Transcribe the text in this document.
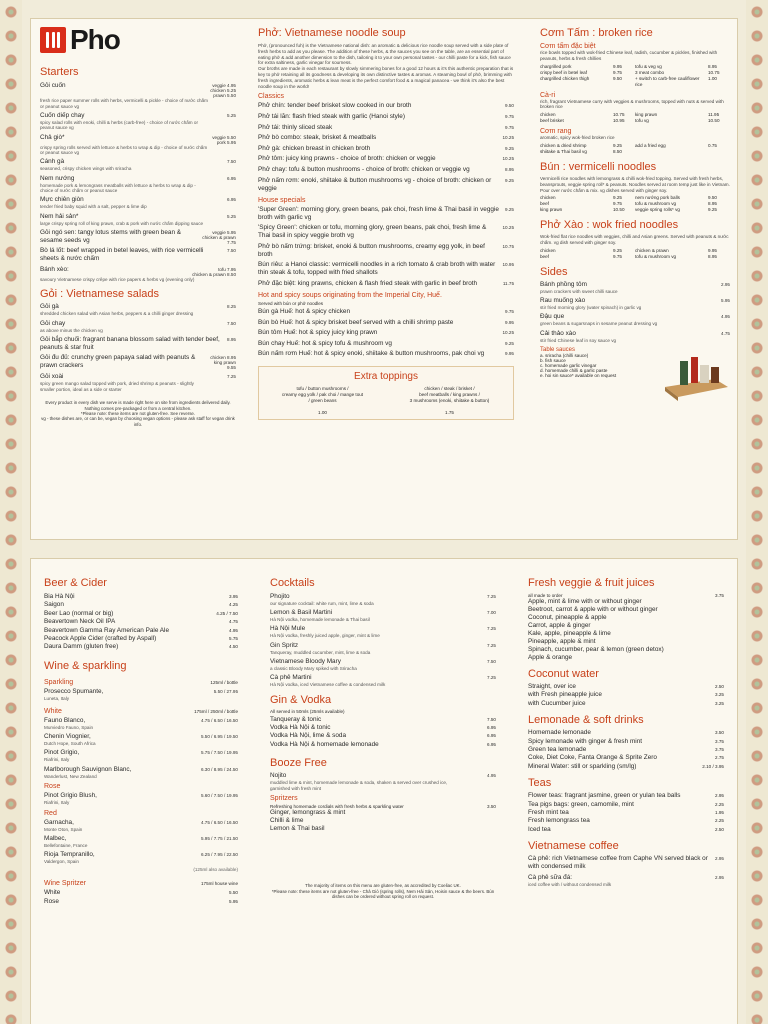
Pho
Starters
Gỏi cuốn	veggie 4.95
chicken 5.25
prawn 5.50
fresh rice paper summer rolls with herbs, vermicelli & pickle - choice of nước chấm or peanut sauce vg
Cuốn diếp chay	5.25
spicy salad rolls with enoki, chilli & herbs (carb-free) - choice of nước chấm or peanut sauce vg
Chả giò*	veggie 5.50
pork 5.95
crispy spring rolls served with lettuce & herbs to wrap & dip - choice of nước chấm or peanut sauce vg
Cánh gà	7.50
seasoned, crispy chicken wings with sriracha
Nem nướng	6.95
homemade pork & lemongrass meatballs with lettuce & herbs to wrap & dip - choice of nước chấm or peanut sauce
Mực chiên giòn	6.95
tender fried baby squid with a salt, pepper & lime dip
Nem hải sản*	5.25
large crispy spring roll of king prawn, crab & pork with nước chấm dipping sauce
Gỏi ngó sen: tangy lotus stems with green bean & sesame seeds vg
veggie 5.95
chicken & prawn 7.75
Bò lá lốt: beef wrapped in betel leaves, with rice vermicelli sheets & nước chấm
7.50
Bánh xèo:	tofu 7.95
chicken & prawn 8.50
savoury Vietnamese crispy crêpe with rice papers & herbs vg (evening only)
Gỏi : Vietnamese salads
Gỏi gà	8.25
shredded chicken salad with Asian herbs, peppers & a chilli ginger dressing
Gỏi chay	7.50
as above minus the chicken vg
Gỏi bắp chuối: fragrant banana blossom salad with tender beef, peanuts & star fruit
8.95
Gỏi đu đủ: crunchy green papaya salad with peanuts & prawn crackers
chicken 8.95
king prawn 9.55
Gỏi xoài	7.25
spicy green mango salad topped with pork, dried shrimp & peanuts - slightly smaller portion, ideal as a side or starter
Every product in every dish we serve is made right here on site from ingredients delivered daily. Nothing comes pre-packaged or from a central kitchen.
*Please note: these items are not gluten-free. See reverse.
vg - these dishes are, or can be, vegan by choosing vegan options - please ask staff for vegan drink info.
Phở: Vietnamese noodle soup
Phở, (pronounced fuh) is the Vietnamese national dish: an aromatic & delicious rice noodle soup served with a side plate of fresh herbs to add as you please. The addition of these herbs, & the sauces you see on the table, are an essential part of eating phở & add another dimension to the dish, tailoring it to your own personal tastes - our chilli paste for a kick, fish sauce for extra saltiness, garlic vinegar for sourness.
Our broths are made in each restaurant by slowly simmering bones for a good 12 hours & it's this authentic preparation that is key to phở retaining all its goodness & developing its own distinctive tastes & aromas. A steaming bowl of phở, brimming with fresh ingredients, aromatic herbs & lean meat is the perfect comfort food & a magical panacea - we think it's also the best noodle soup in the world!
Classics
Phở chín: tender beef brisket slow cooked in our broth	9.50
Phở tái lăn: flash fried steak with garlic (Hanoi style)	9.75
Phở tái: thinly sliced steak	9.75
Phở bò combo: steak, brisket & meatballs	10.25
Phở gà: chicken breast in chicken broth	9.25
Phở tôm: juicy king prawns - choice of broth: chicken or veggie	10.25
Phở chay: tofu & button mushrooms - choice of broth: chicken or veggie vg	8.95
Phở nấm rơm: enoki, shiitake & button mushrooms vg - choice of broth: chicken or veggie
9.25
House specials
'Super Green': morning glory, green beans, pak choi, fresh lime & Thai basil in veggie broth with garlic vg
9.25
'Spicy Green': chicken or tofu, morning glory, green beans, pak choi, fresh lime & Thai basil in spicy veggie broth vg
10.25
Phở bò nấm trứng: brisket, enoki & button mushrooms, creamy egg yolk, in beef broth
10.75
Bún riêu: a Hanoi classic: vermicelli noodles in a rich tomato & crab broth with water thin steak & tofu, topped with fried shallots
10.95
Phở đặc biệt: king prawns, chicken & flash fried steak with garlic in beef broth	11.75
Hot and spicy soups originating from the Imperial City, Huế.
Served with bún or phở noodles
Bún gà Huế: hot & spicy chicken	9.75
Bún bò Huế: hot & spicy brisket beef served with a chilli shrimp paste	9.95
Bún tôm Huế: hot & spicy juicy king prawn	10.25
Bún chay Huế: hot & spicy tofu & mushroom vg	9.25
Bún nấm rơm Huế: hot & spicy enoki, shiitake & button mushrooms, pak choi vg	9.95
Extra toppings
tofu / button mushrooms /
creamy egg yolk / pak choi / mange tout
/ green beans
1.00
chicken / steak / brisket /
beef meatballs / king prawns /
3 mushrooms (enoki, shiitake & button)
1.75
Cơm Tấm : broken rice
Cơm tấm đặc biệt
rice bowls topped with wok-fried Chinese leaf, radish, cucumber & pickles, finished with peanuts, herbs & fresh chillies
chargrilled pork	9.95	tofu & veg vg	8.95
crispy beef in betel leaf	9.75	3 meat combo	10.75
chargrilled chicken thigh	9.50	+ switch to carb-free cauliflower rice
1.00
Cà-ri
rich, fragrant Vietnamese curry with veggies & mushrooms, topped with nuts & served with broken rice
chicken	10.75	king prawn	11.95
beef brisket	10.95	tofu vg	10.50
Cơm rang
aromatic, spicy wok-fried broken rice
chicken & dried shrimp	9.25	add a fried egg	0.75
shiitake & Thai basil vg	8.50
Bún : vermicelli noodles
Vermicelli rice noodles with lemongrass & chilli wok-fried topping. Served with fresh herbs, beansprouts, veggie spring roll* & peanuts. Noodles served at room temp just like in Vietnam. Pour over nước chấm & mix. vg dishes served with ginger soy.
chicken	9.25	nem nướng pork balls	9.50
beef	9.75	tofu & mushroom vg	8.95
king prawn	10.50	veggie spring rolls* vg	9.25
Phở Xào : wok fried noodles
Wok-fried flat rice noodles with veggies, chilli and Asian greens. Served with peanuts & nước chấm. vg dish served with ginger soy.
chicken	9.25	chicken & prawn	9.95
beef	9.75	tofu & mushroom vg	8.95
Sides
Bánh phồng tôm	2.95
prawn crackers with sweet chilli sauce
Rau muống xào	5.95
stir fried morning glory (water spinach) in garlic vg
Đậu que	4.95
green beans & sugarsnaps in sesame peanut dressing vg
Cải thảo xào	4.75
stir fried Chinese leaf in soy sauce vg
Table sauces
a. sriracha (chilli sauce)
b. fish sauce
c. homemade garlic vinegar
d. homemade chilli & garlic paste
e. hoi sin sauce* available on request
Beer & Cider
Bia Hà Nội	3.95
Saigon	4.25
Beer Lao (normal or big)	4.25 / 7.50
Beavertown Neck Oil IPA	4.75
Beavertown Gamma Ray American Pale Ale	4.95
Peacock Apple Cider (crafted by Aspall)	5.75
Daura Damm (gluten free)	4.50
Wine & sparkling
Sparkling	125ml / bottle
Prosecco Spumante,	5.50 / 27.95
Luneta, Italy
White	175ml / 250ml / bottle
Fauno Blanco,	4.75 / 6.50 / 16.50
Murviedro Fauno, Spain
Chenin Viognier,	5.50 / 6.95 / 19.50
Dutch Hope, South Africa
Pinot Grigio,	5.75 / 7.50 / 19.95
Riafrini, Italy
Marlborough Sauvignon Blanc,	6.30 / 8.95 / 24.50
Wanderlust, New Zealand
Rose
Pinot Grigio Blush,	5.60 / 7.50 / 19.95
Riafrini, Italy
Red
Garnacha,	4.75 / 6.50 / 16.50
Monte Oton, Spain
Malbec,	5.95 / 7.75 / 21.50
Bellefontaine, France
Rioja Tempranillo,	6.25 / 7.95 / 22.50
Valdergon, Spain
(125ml also available)
Wine Spritzer	175ml house wine
White	5.50
Rose	5.95
Cocktails
Phojito	7.25
our signature cocktail: white rum, mint, lime & soda
Lemon & Basil Martini	7.00
Hà Nội vodka, homemade lemonade & Thai basil
Hà Nội Mule	7.25
Hà Nội vodka, freshly juiced apple, ginger, mint & lime
Gin Spritz	7.25
Tanqueray, muddled cucumber, mint, lime & soda
Vietnamese Bloody Mary	7.50
a classic Bloody Mary spiked with Sriracha
Cà phê Martini	7.25
Hà Nội vodka, iced Vietnamese coffee & condensed milk
Gin & Vodka
All served in 50mls (25mls available)
Tanqueray & tonic	7.50
Vodka Hà Nội & tonic	6.95
Vodka Hà Nội, lime & soda	6.95
Vodka Hà Nội & homemade lemonade	6.95
Booze Free
Nojito	4.95
muddled lime & mint, homemade lemonade & soda, shaken & served over crushed ice, garnished with fresh mint
Spritzers
Refreshing homemade cordials with fresh herbs & sparkling water	3.50
Ginger, lemongrass & mint
Chilli & lime
Lemon & Thai basil
The majority of items on this menu are gluten-free, as accredited by Coeliac UK.
*Please note: these items are not gluten-free - Chả Giò (spring rolls), Nem Hải Sản, Hoisin sauce & the beers. Bún dishes can be ordered without spring roll on request.
Fresh veggie & fruit juices
all made to order	3.75
Apple, mint & lime with or without ginger
Beetroot, carrot & apple with or without ginger
Coconut, pineapple & apple
Carrot, apple & ginger
Kale, apple, pineapple & lime
Pineapple, apple & mint
Spinach, cucumber, pear & lemon (green detox)
Apple & orange
Coconut water
Straight, over ice	2.50
with Fresh pineapple juice	3.25
with Cucumber juice	3.25
Lemonade & soft drinks
Homemade lemonade	3.50
Spicy lemonade with ginger & fresh mint	3.75
Green tea lemonade	3.75
Coke, Diet Coke, Fanta Orange & Sprite Zero	2.75
Mineral Water: still or sparkling (sm/lg)	2.10 / 3.95
Teas
Flower teas: fragrant jasmine, green or yulan tea balls	2.95
Tea pigs bags: green, camomile, mint	2.25
Fresh mint tea	1.95
Fresh lemongrass tea	2.25
Iced tea	2.50
Vietnamese coffee
Cà phê: rich Vietnamese coffee from Caphe VN served black or with condensed milk
2.95
Cà phê sữa đá:	2.95
iced coffee with / without condensed milk
